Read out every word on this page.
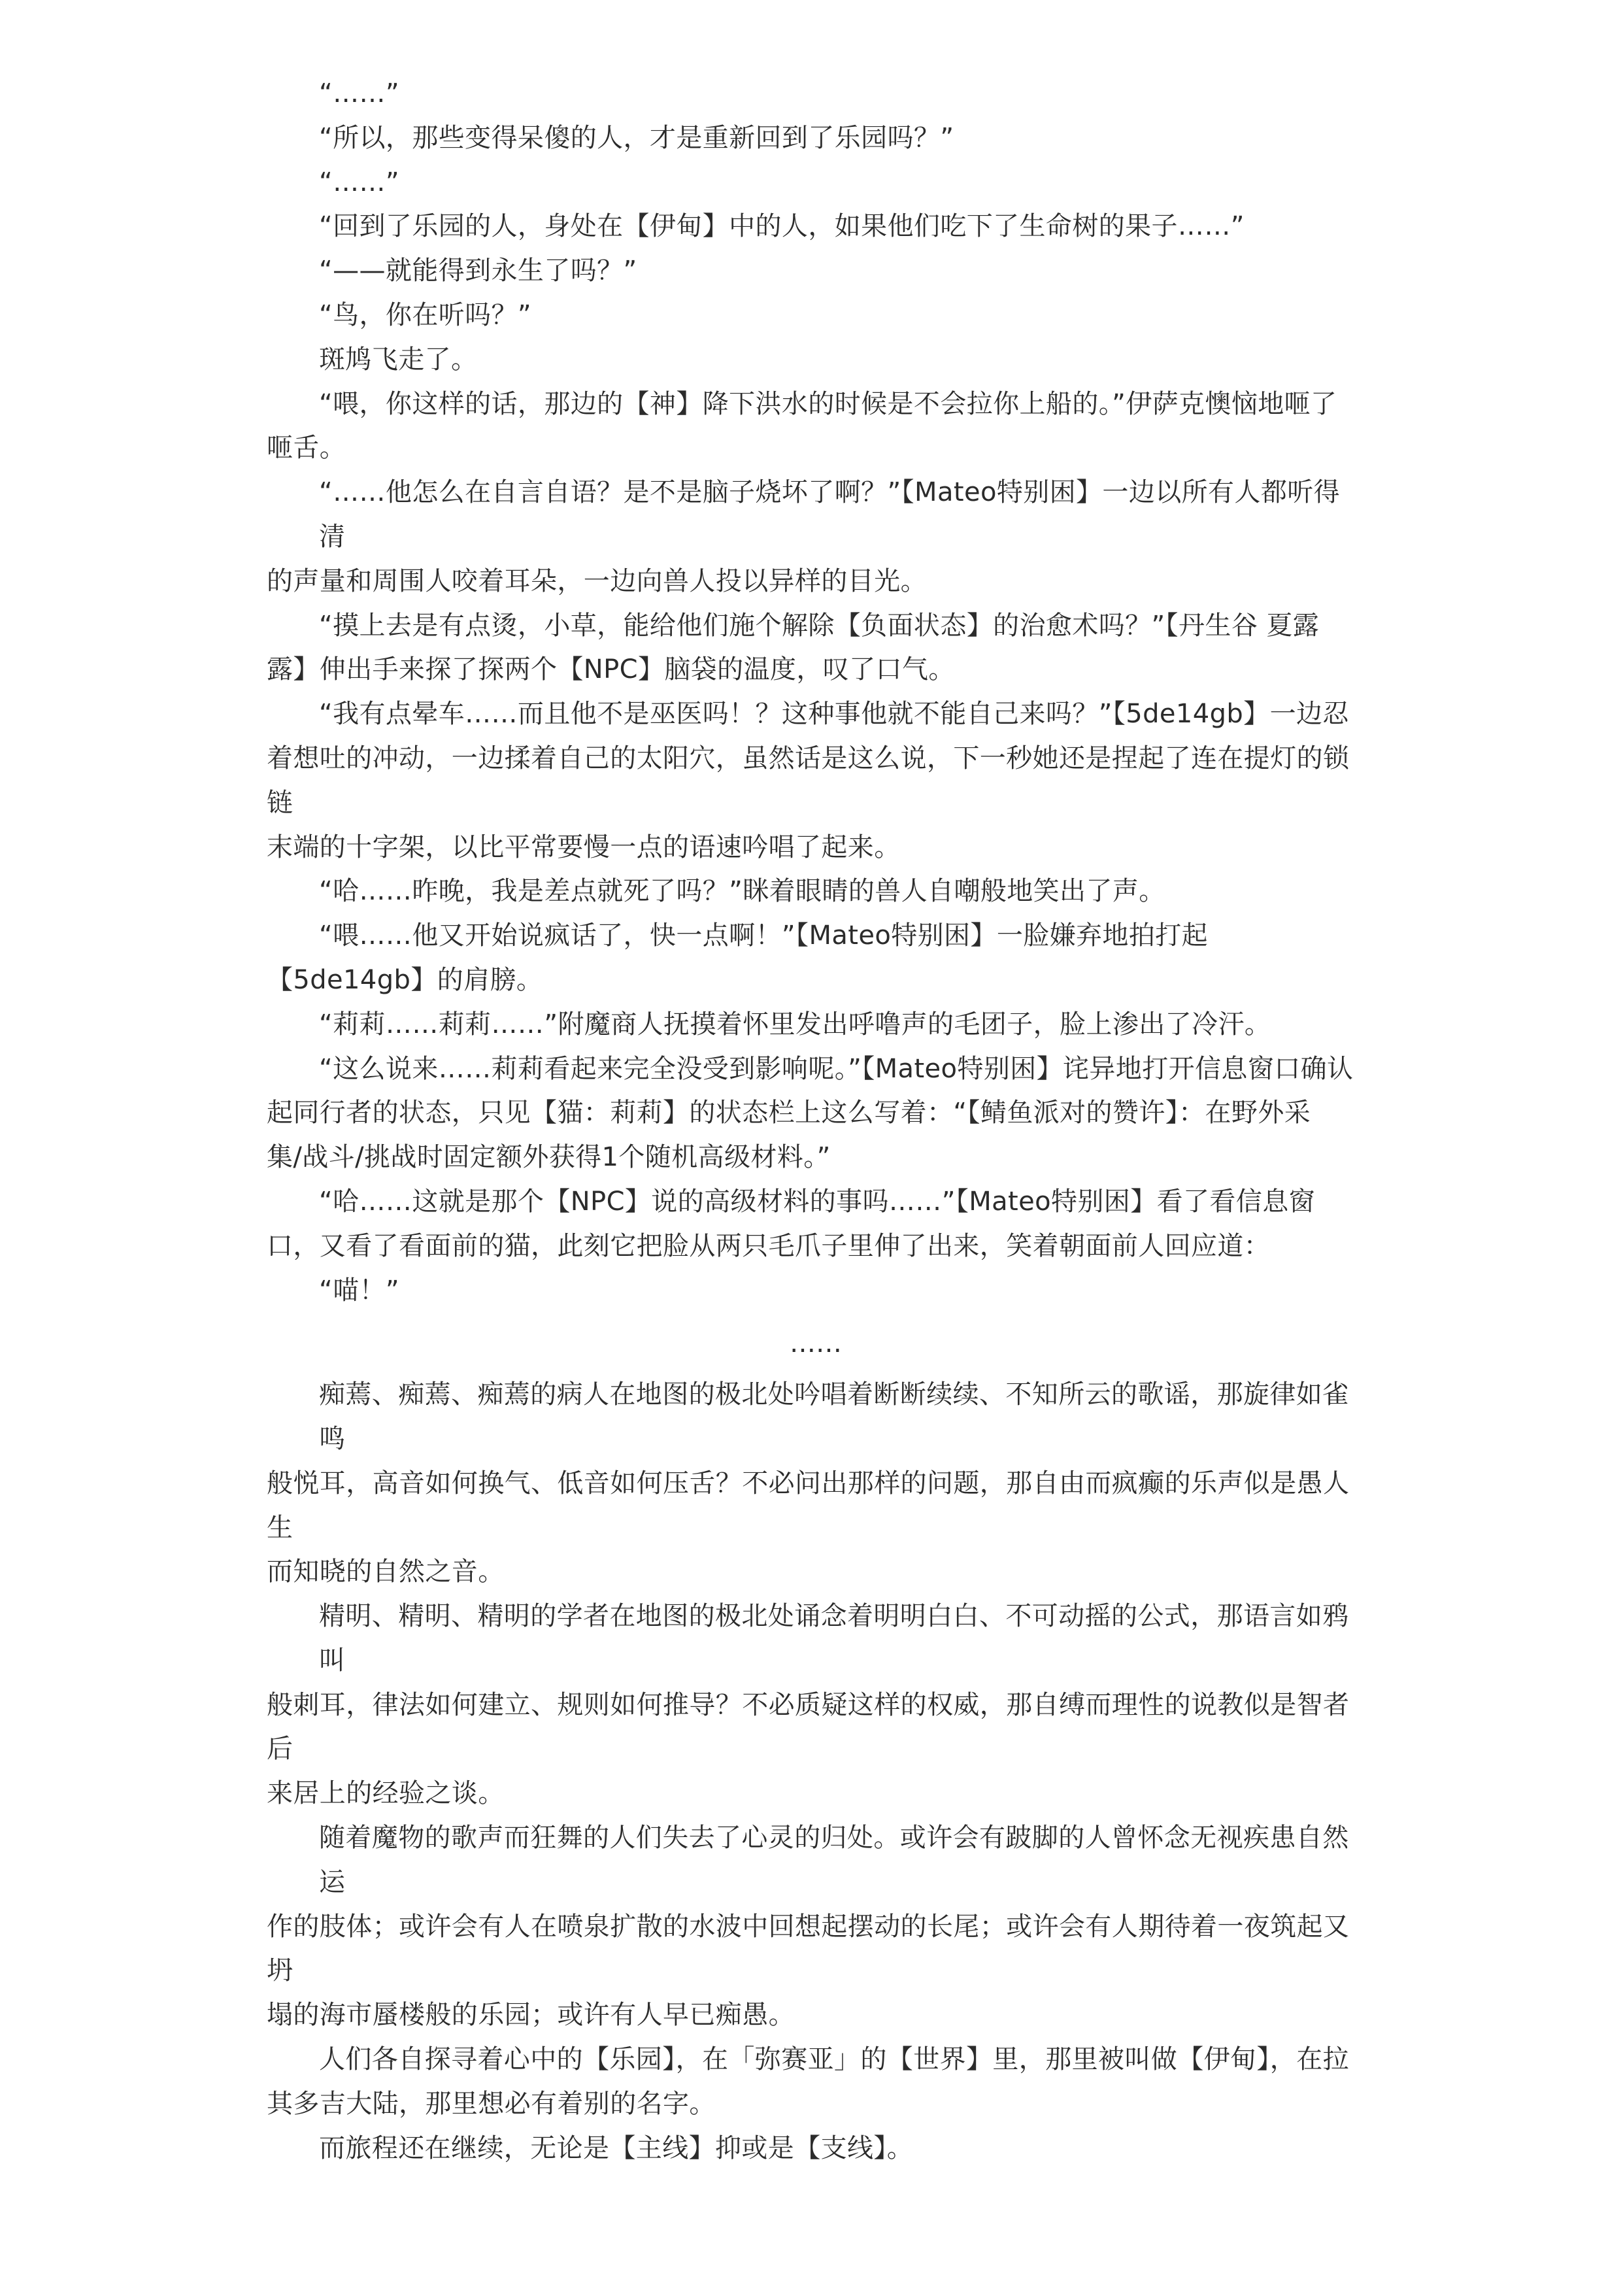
“……”
“所以，那些变得呆傻的人，才是重新回到了乐园吗？”
“……”
“回到了乐园的人，身处在【伊甸】中的人，如果他们吃下了生命树的果子……”
“——就能得到永生了吗？”
“鸟，你在听吗？”
斑鸠飞走了。
“喂，你这样的话，那边的【神】降下洪水的时候是不会拉你上船的。”伊萨克懊恼地咂了
咂舌。
“……他怎么在自言自语？是不是脑子烧坏了啊？”【Mateo特别困】一边以所有人都听得清
的声量和周围人咬着耳朵，一边向兽人投以异样的目光。
“摸上去是有点烫，小草，能给他们施个解除【负面状态】的治愈术吗？”【丹生谷 夏露
露】伸出手来探了探两个【NPC】脑袋的温度，叹了口气。
“我有点晕车……而且他不是巫医吗！？这种事他就不能自己来吗？”【5de14gb】一边忍
着想吐的冲动，一边揉着自己的太阳穴，虽然话是这么说，下一秒她还是捏起了连在提灯的锁链
末端的十字架，以比平常要慢一点的语速吟唱了起来。
“哈……昨晚，我是差点就死了吗？”眯着眼睛的兽人自嘲般地笑出了声。
“喂……他又开始说疯话了，快一点啊！”【Mateo特别困】一脸嫌弃地拍打起
【5de14gb】的肩膀。
“莉莉……莉莉……”附魔商人抚摸着怀里发出呼噜声的毛团子，脸上渗出了冷汗。
“这么说来……莉莉看起来完全没受到影响呢。”【Mateo特别困】诧异地打开信息窗口确认
起同行者的状态，只见【猫：莉莉】的状态栏上这么写着：“【鲭鱼派对的赞许】：在野外采
集/战斗/挑战时固定额外获得1个随机高级材料。”
“哈……这就是那个【NPC】说的高级材料的事吗……”【Mateo特别困】看了看信息窗
口，又看了看面前的猫，此刻它把脸从两只毛爪子里伸了出来，笑着朝面前人回应道：
“喵！”
……
痴蔫、痴蔫、痴蔫的病人在地图的极北处吟唱着断断续续、不知所云的歌谣，那旋律如雀鸣
般悦耳，高音如何换气、低音如何压舌？不必问出那样的问题，那自由而疯癫的乐声似是愚人生
而知晓的自然之音。
精明、精明、精明的学者在地图的极北处诵念着明明白白、不可动摇的公式，那语言如鸦叫
般刺耳，律法如何建立、规则如何推导？不必质疑这样的权威，那自缚而理性的说教似是智者后
来居上的经验之谈。
随着魔物的歌声而狂舞的人们失去了心灵的归处。或许会有跛脚的人曾怀念无视疾患自然运
作的肢体；或许会有人在喷泉扩散的水波中回想起摆动的长尾；或许会有人期待着一夜筑起又坍
塌的海市蜃楼般的乐园；或许有人早已痴愚。
人们各自探寻着心中的【乐园】，在「弥赛亚」的【世界】里，那里被叫做【伊甸】，在拉
其多吉大陆，那里想必有着别的名字。
而旅程还在继续，无论是【主线】抑或是【支线】。
